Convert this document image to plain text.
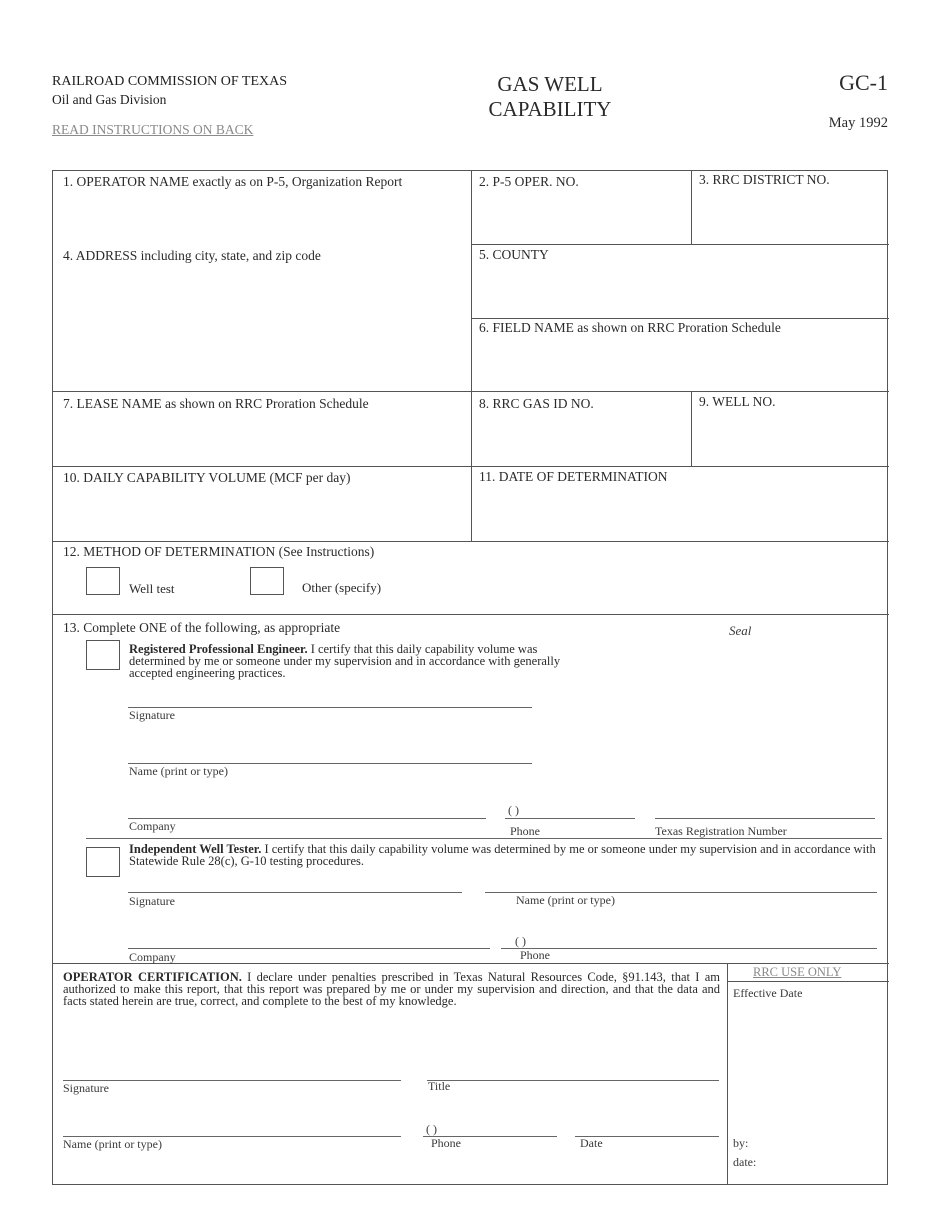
RAILROAD COMMISSION OF TEXAS
Oil and Gas Division
READ INSTRUCTIONS ON BACK
GAS WELL
CAPABILITY
GC-1
May 1992
1. OPERATOR NAME exactly as on P-5, Organization Report	2. P-5 OPER. NO.	3. RRC DISTRICT NO.
4. ADDRESS including city, state, and zip code	5. COUNTY
6. FIELD NAME as shown on RRC Proration Schedule
7. LEASE NAME as shown on RRC Proration Schedule	8. RRC GAS ID NO.	9. WELL NO.
10. DAILY CAPABILITY VOLUME (MCF per day)	11. DATE OF DETERMINATION
12. METHOD OF DETERMINATION (See Instructions)
Well test	Other (specify)
13. Complete ONE of the following, as appropriate	Seal
Registered Professional Engineer. I certify that this daily capability volume was determined by me or someone under my supervision and in accordance with generally accepted engineering practices.
Signature
Name (print or type)
Company
( )
Phone	Texas Registration Number
Independent Well Tester. I certify that this daily capability volume was determined by me or someone under my supervision and in accordance with Statewide Rule 28(c), G-10 testing procedures.
Signature	Name (print or type)
Company
( )
Phone
OPERATOR CERTIFICATION. I declare under penalties prescribed in Texas Natural Resources Code, §91.143, that I am authorized to make this report, that this report was prepared by me or under my supervision and direction, and that the data and facts stated herein are true, correct, and complete to the best of my knowledge.
Signature	Title
Name (print or type)
( )
Phone	Date
RRC USE ONLY
Effective Date
by:
date:
